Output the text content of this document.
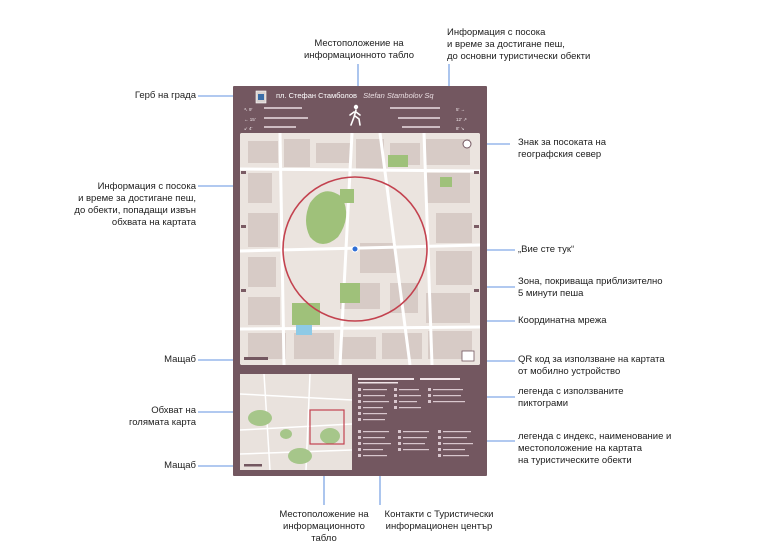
пл. Стефан Стамболов Stefan Stambolov Sq
↖ 9'
← 15'
↙ 4'
5' →
12' ↗
8' ↘
Местоположение на
информационното табло
Информация с посока
и време за достигане пеш,
до основни туристически обекти
Герб на града
Знак за посоката на
географския север
Информация с посока
и време за достигане пеш,
до обекти, попадащи извън
обхвата на картата
„Вие сте тук“
Зона, покриваща приблизително
5 минути пеша
Координатна мрежа
Мащаб	QR код за използване на картата
от мобилно устройство
Обхват на
голямата карта
легенда с използваните
пиктограми
легенда с индекс, наименование и
местоположение на картата
на туристическите обекти
Мащаб
Местоположение на
информационното
табло
Контакти с Туристически
информационен център
